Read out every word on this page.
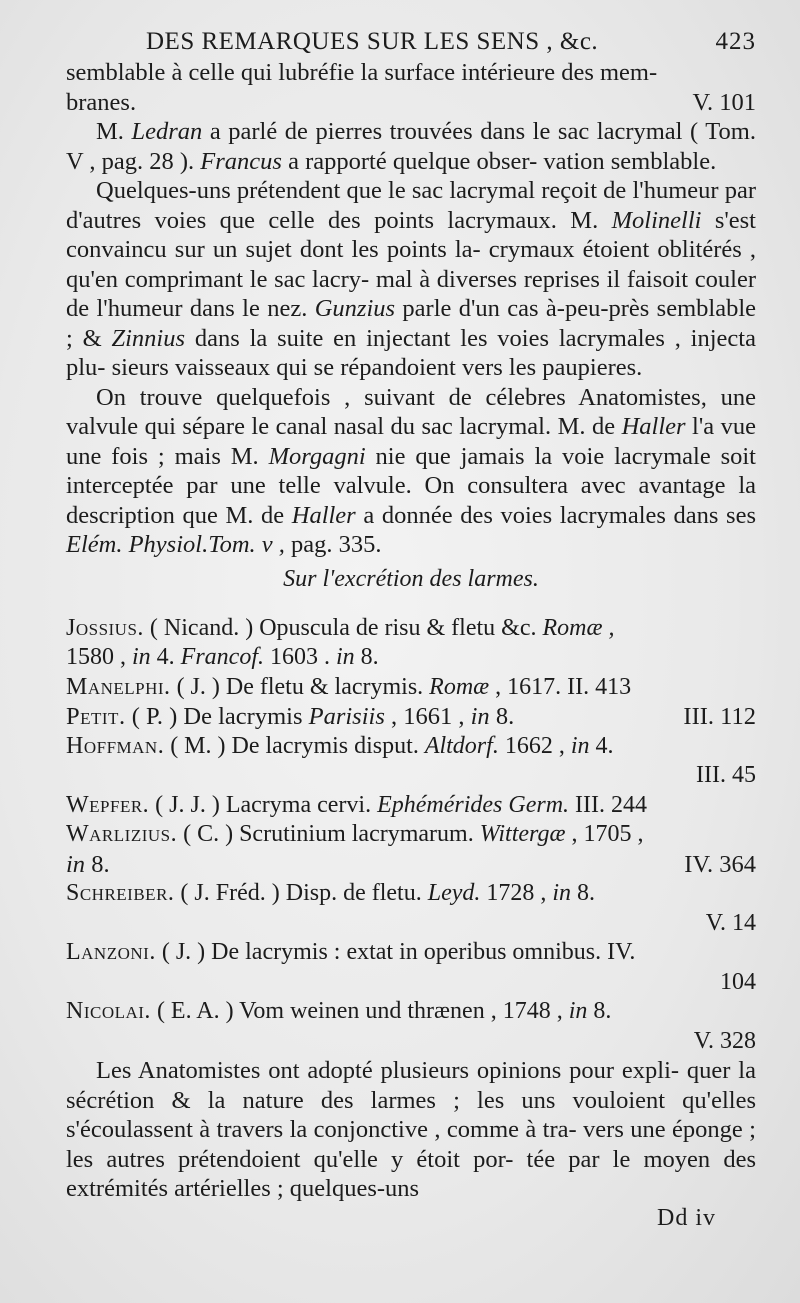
DES REMARQUES SUR LES SENS , &c.	423

semblable à celle qui lubréfie la surface intérieure des mem-

branes.	V. 101

M. Ledran a parlé de pierres trouvées dans le sac lacrymal ( Tom. V , pag. 28 ). Francus a rapporté quelque obser- vation semblable.

Quelques-uns prétendent que le sac lacrymal reçoit de l'humeur par d'autres voies que celle des points lacrymaux. M. Molinelli s'est convaincu sur un sujet dont les points la- crymaux étoient oblitérés , qu'en comprimant le sac lacry- mal à diverses reprises il faisoit couler de l'humeur dans le nez. Gunzius parle d'un cas à-peu-près semblable ; & Zinnius dans la suite en injectant les voies lacrymales , injecta plu- sieurs vaisseaux qui se répandoient vers les paupieres.

On trouve quelquefois , suivant de célebres Anatomistes, une valvule qui sépare le canal nasal du sac lacrymal. M. de Haller l'a vue une fois ; mais M. Morgagni nie que jamais la voie lacrymale soit interceptée par une telle valvule. On consultera avec avantage la description que M. de Haller a donnée des voies lacrymales dans ses Elém. Physiol.Tom. v , pag. 335.

Sur l'excrétion des larmes.
Jossius. ( Nicand. ) Opuscula de risu & fletu &c. Romæ ,
1580 , in 4. Francof. 1603 . in 8.
Manelphi. ( J. ) De fletu & lacrymis. Romæ , 1617. II. 413
Petit. ( P. ) De lacrymis Parisiis , 1661 , in 8.	III. 112
Hoffman. ( M. ) De lacrymis disput. Altdorf. 1662 , in 4.
III. 45
Wepfer. ( J. J. ) Lacryma cervi. Ephémérides Germ. III. 244
Warlizius. ( C. ) Scrutinium lacrymarum. Wittergæ , 1705 ,
in 8.	IV. 364
Schreiber. ( J. Fréd. ) Disp. de fletu. Leyd. 1728 , in 8.
V. 14
Lanzoni. ( J. ) De lacrymis : extat in operibus omnibus. IV.
104
Nicolai. ( E. A. ) Vom weinen und thrænen , 1748 , in 8.
V. 328

Les Anatomistes ont adopté plusieurs opinions pour expli- quer la sécrétion & la nature des larmes ; les uns vouloient qu'elles s'écoulassent à travers la conjonctive , comme à tra- vers une éponge ; les autres prétendoient qu'elle y étoit por- tée par le moyen des extrémités artérielles ; quelques-uns

Dd iv
